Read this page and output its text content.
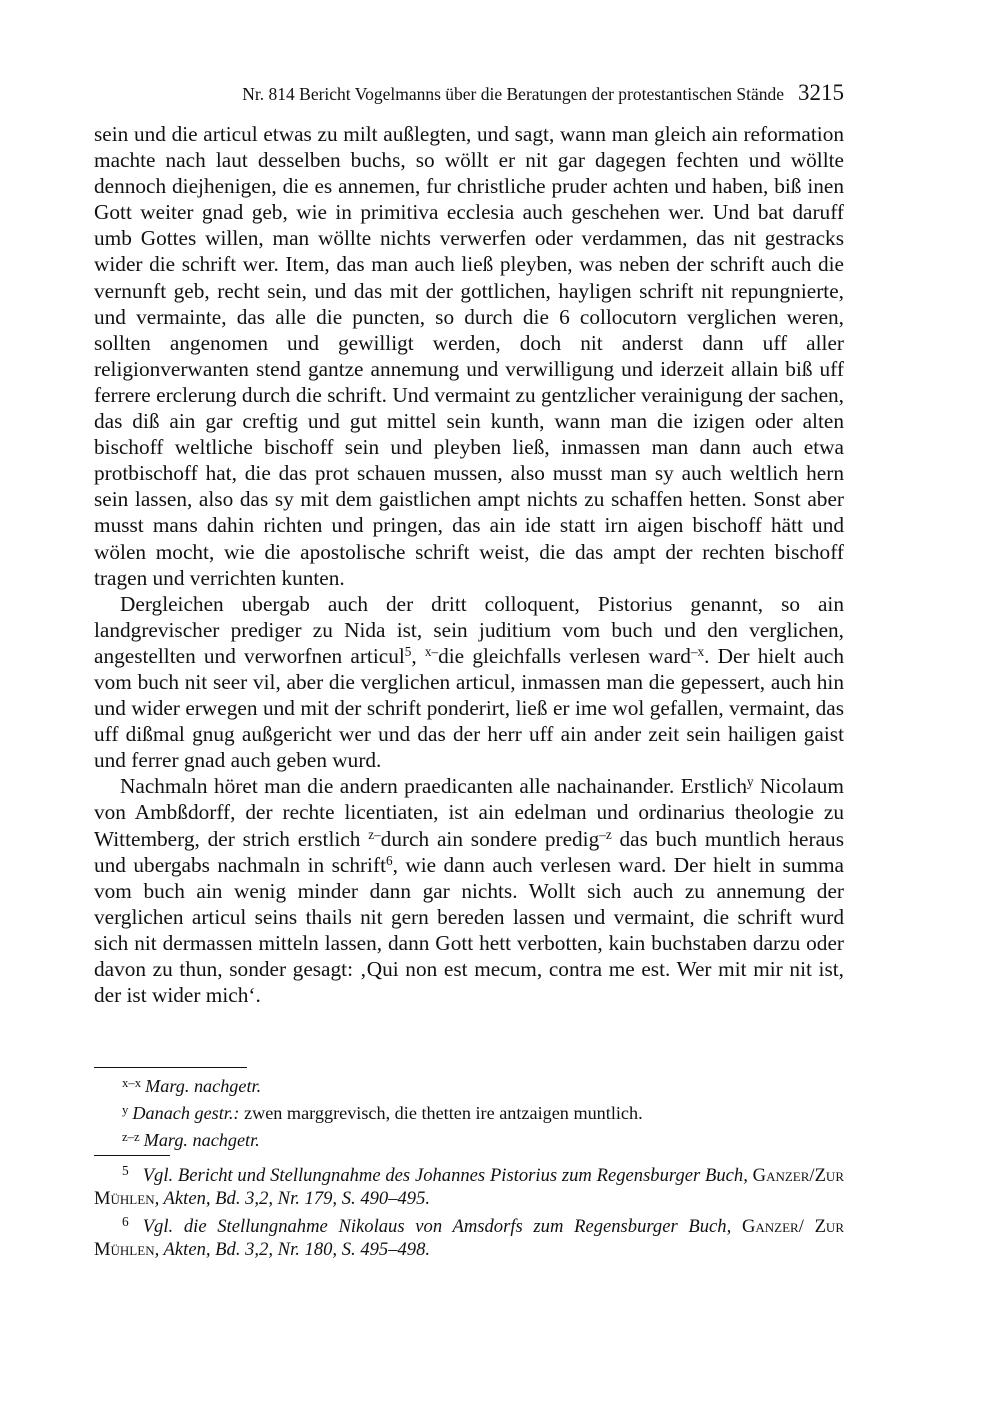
Nr. 814 Bericht Vogelmanns über die Beratungen der protestantischen Stände 3215

sein und die articul etwas zu milt außlegten, und sagt, wann man gleich ain reformation machte nach laut desselben buchs, so wöllt er nit gar dagegen fechten und wöllte dennoch diejhenigen, die es annemen, fur christliche pruder achten und haben, biß inen Gott weiter gnad geb, wie in primitiva ecclesia auch geschehen wer. Und bat daruff umb Gottes willen, man wöllte nichts verwerfen oder verdammen, das nit gestracks wider die schrift wer. Item, das man auch ließ pleyben, was neben der schrift auch die vernunft geb, recht sein, und das mit der gottlichen, hayligen schrift nit repungnierte, und vermainte, das alle die puncten, so durch die 6 collocutorn verglichen weren, sollten angenomen und gewilligt werden, doch nit anderst dann uff aller religionverwanten stend gantze annemung und verwilligung und iderzeit allain biß uff ferrere erclerung durch die schrift. Und vermaint zu gentzlicher verainigung der sachen, das diß ain gar creftig und gut mittel sein kunth, wann man die izigen oder alten bischoff weltliche bischoff sein und pleyben ließ, inmassen man dann auch etwa protbischoff hat, die das prot schauen mussen, also musst man sy auch weltlich hern sein lassen, also das sy mit dem gaistlichen ampt nichts zu schaffen hetten. Sonst aber musst mans dahin richten und pringen, das ain ide statt irn aigen bischoff hätt und wölen mocht, wie die apostolische schrift weist, die das ampt der rechten bischoff tragen und verrichten kunten.

Dergleichen ubergab auch der dritt colloquent, Pistorius genannt, so ain landgrevischer prediger zu Nida ist, sein juditium vom buch und den verglichen, angestellten und verworfnen articul$^5$, $^{x-}$die gleichfalls verlesen ward$^{-x}$. Der hielt auch vom buch nit seer vil, aber die verglichen articul, inmassen man die gepessert, auch hin und wider erwegen und mit der schrift ponderirt, ließ er ime wol gefallen, vermaint, das uff dißmal gnug außgericht wer und das der herr uff ain ander zeit sein hailigen gaist und ferrer gnad auch geben wurd.

Nachmaln höret man die andern praedicanten alle nachainander. Erstlich$^y$ Nicolaum von Ambßdorff, der rechte licentiaten, ist ain edelman und ordinarius theologie zu Wittemberg, der strich erstlich $^{z-}$durch ain sondere predig$^{-z}$ das buch muntlich heraus und ubergabs nachmaln in schrift$^6$, wie dann auch verlesen ward. Der hielt in summa vom buch ain wenig minder dann gar nichts. Wollt sich auch zu annemung der verglichen articul seins thails nit gern bereden lassen und vermaint, die schrift wurd sich nit dermassen mitteln lassen, dann Gott hett verbotten, kain buchstaben darzu oder davon zu thun, sonder gesagt: ‚Qui non est mecum, contra me est. Wer mit mir nit ist, der ist wider mich‘.

$^{x-x}$ Marg. nachgetr.
$^y$ Danach gestr.: zwen marggrevisch, die thetten ire antzaigen muntlich.
$^{z-z}$ Marg. nachgetr.

$^5$ Vgl. Bericht und Stellungnahme des Johannes Pistorius zum Regensburger Buch, Ganzer/Zur Mühlen, Akten, Bd. 3,2, Nr. 179, S. 490–495.

$^6$ Vgl. die Stellungnahme Nikolaus von Amsdorfs zum Regensburger Buch, Ganzer/ Zur Mühlen, Akten, Bd. 3,2, Nr. 180, S. 495–498.
